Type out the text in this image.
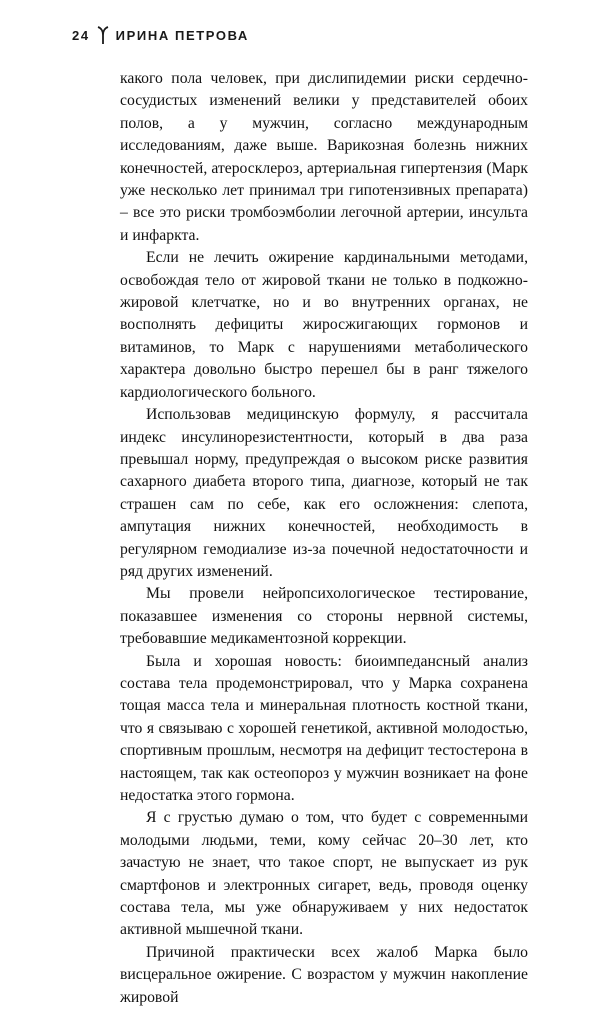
24 ИРИНА ПЕТРОВА

какого пола человек, при дислипидемии риски сердечно-сосудистых изменений велики у представителей обоих полов, а у мужчин, согласно международным исследованиям, даже выше. Варикозная болезнь нижних конечностей, атеросклероз, артериальная гипертензия (Марк уже несколько лет принимал три гипотензивных препарата) – все это риски тромбоэмболии легочной артерии, инсульта и инфаркта.

Если не лечить ожирение кардинальными методами, освобождая тело от жировой ткани не только в подкожно-жировой клетчатке, но и во внутренних органах, не восполнять дефициты жиросжигающих гормонов и витаминов, то Марк с нарушениями метаболического характера довольно быстро перешел бы в ранг тяжелого кардиологического больного.

Использовав медицинскую формулу, я рассчитала индекс инсулинорезистентности, который в два раза превышал норму, предупреждая о высоком риске развития сахарного диабета второго типа, диагнозе, который не так страшен сам по себе, как его осложнения: слепота, ампутация нижних конечностей, необходимость в регулярном гемодиализе из-за почечной недостаточности и ряд других изменений.

Мы провели нейропсихологическое тестирование, показавшее изменения со стороны нервной системы, требовавшие медикаментозной коррекции.

Была и хорошая новость: биоимпедансный анализ состава тела продемонстрировал, что у Марка сохранена тощая масса тела и минеральная плотность костной ткани, что я связываю с хорошей генетикой, активной молодостью, спортивным прошлым, несмотря на дефицит тестостерона в настоящем, так как остеопороз у мужчин возникает на фоне недостатка этого гормона.

Я с грустью думаю о том, что будет с современными молодыми людьми, теми, кому сейчас 20–30 лет, кто зачастую не знает, что такое спорт, не выпускает из рук смартфонов и электронных сигарет, ведь, проводя оценку состава тела, мы уже обнаруживаем у них недостаток активной мышечной ткани.

Причиной практически всех жалоб Марка было висцеральное ожирение. С возрастом у мужчин накопление жировой
